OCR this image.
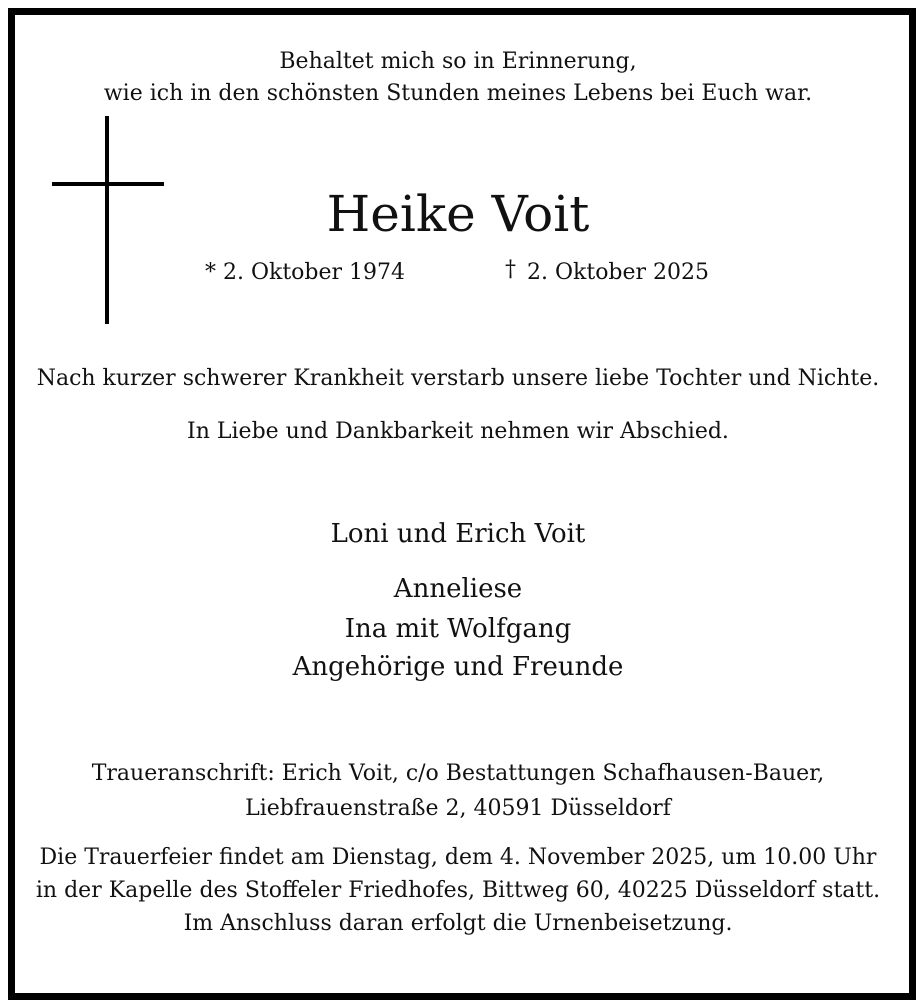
Behaltet mich so in Erinnerung,
wie ich in den schönsten Stunden meines Lebens bei Euch war.
Heike Voit
* 2. Oktober 1974	† 2. Oktober 2025
Nach kurzer schwerer Krankheit verstarb unsere liebe Tochter und Nichte.
In Liebe und Dankbarkeit nehmen wir Abschied.
Loni und Erich Voit
Anneliese
Ina mit Wolfgang
Angehörige und Freunde
Traueranschrift: Erich Voit, c/o Bestattungen Schafhausen-Bauer,
Liebfrauenstraße 2, 40591 Düsseldorf
Die Trauerfeier findet am Dienstag, dem 4. November 2025, um 10.00 Uhr
in der Kapelle des Stoffeler Friedhofes, Bittweg 60, 40225 Düsseldorf statt.
Im Anschluss daran erfolgt die Urnenbeisetzung.
